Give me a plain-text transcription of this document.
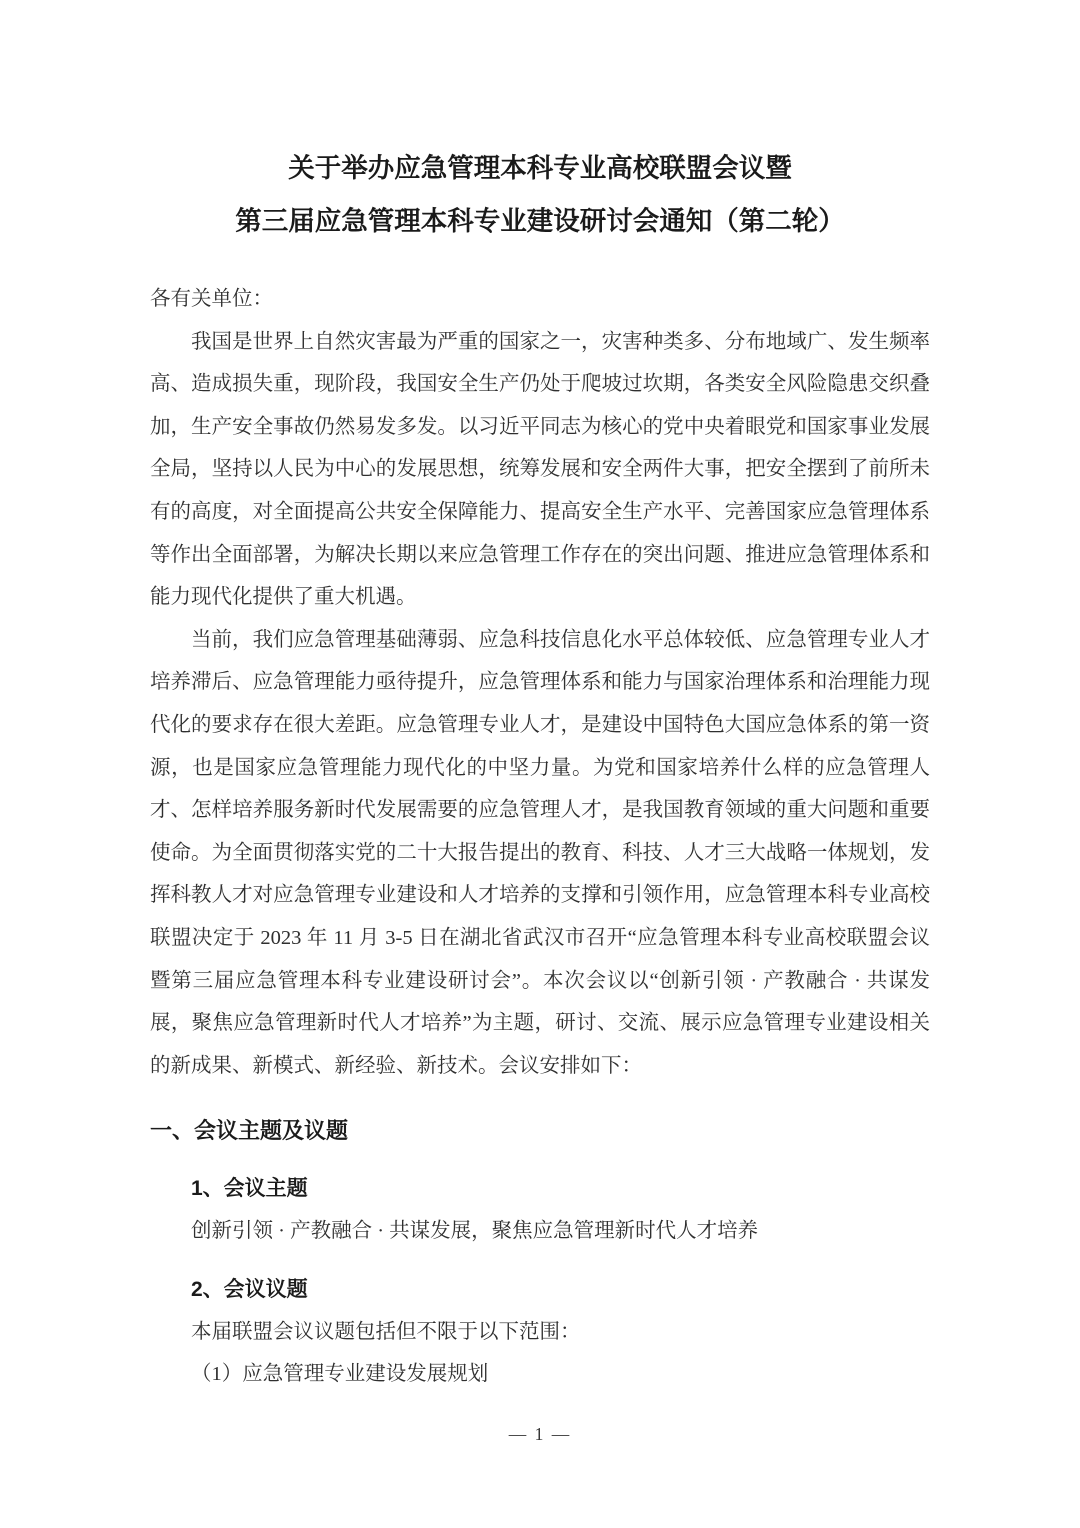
关于举办应急管理本科专业高校联盟会议暨
第三届应急管理本科专业建设研讨会通知（第二轮）

各有关单位：

我国是世界上自然灾害最为严重的国家之一，灾害种类多、分布地域广、发生频率高、造成损失重，现阶段，我国安全生产仍处于爬坡过坎期，各类安全风险隐患交织叠加，生产安全事故仍然易发多发。以习近平同志为核心的党中央着眼党和国家事业发展全局，坚持以人民为中心的发展思想，统筹发展和安全两件大事，把安全摆到了前所未有的高度，对全面提高公共安全保障能力、提高安全生产水平、完善国家应急管理体系等作出全面部署，为解决长期以来应急管理工作存在的突出问题、推进应急管理体系和能力现代化提供了重大机遇。

当前，我们应急管理基础薄弱、应急科技信息化水平总体较低、应急管理专业人才培养滞后、应急管理能力亟待提升，应急管理体系和能力与国家治理体系和治理能力现代化的要求存在很大差距。应急管理专业人才，是建设中国特色大国应急体系的第一资源，也是国家应急管理能力现代化的中坚力量。为党和国家培养什么样的应急管理人才、怎样培养服务新时代发展需要的应急管理人才，是我国教育领域的重大问题和重要使命。为全面贯彻落实党的二十大报告提出的教育、科技、人才三大战略一体规划，发挥科教人才对应急管理专业建设和人才培养的支撑和引领作用，应急管理本科专业高校联盟决定于 2023 年 11 月 3-5 日在湖北省武汉市召开“应急管理本科专业高校联盟会议暨第三届应急管理本科专业建设研讨会”。本次会议以“创新引领 · 产教融合 · 共谋发展，聚焦应急管理新时代人才培养”为主题，研讨、交流、展示应急管理专业建设相关的新成果、新模式、新经验、新技术。会议安排如下：

一、会议主题及议题
1、会议主题

创新引领 · 产教融合 · 共谋发展，聚焦应急管理新时代人才培养

2、会议议题

本届联盟会议议题包括但不限于以下范围：

（1）应急管理专业建设发展规划

— 1 —
